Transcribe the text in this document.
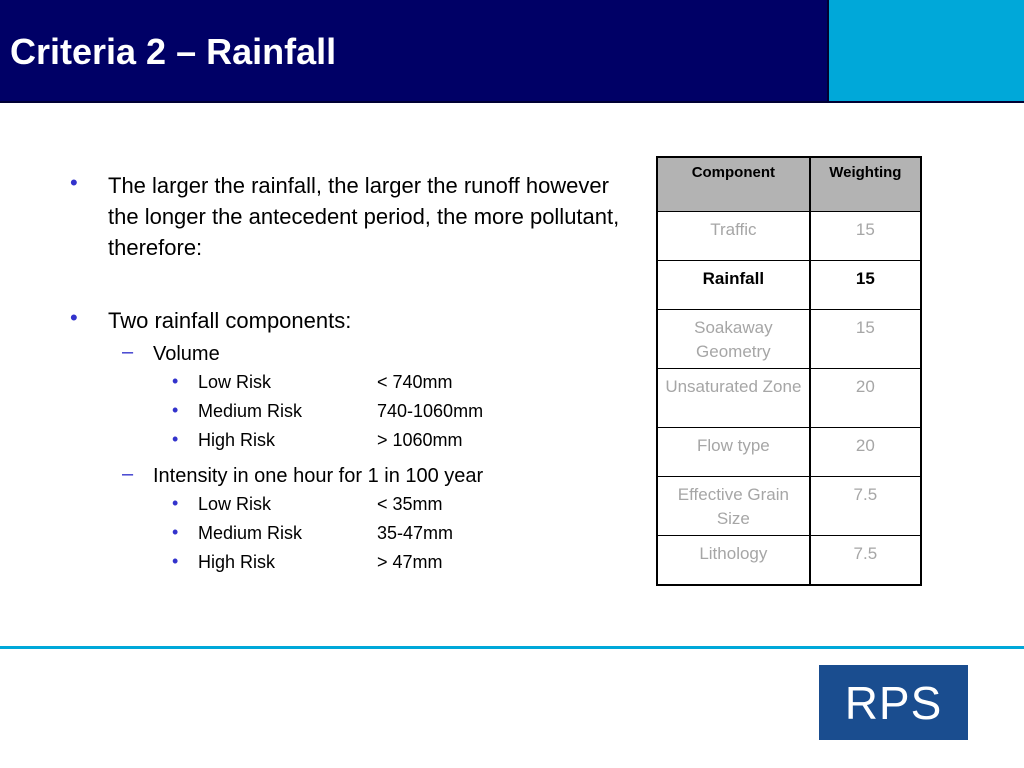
Criteria 2 – Rainfall
• The larger the rainfall, the larger the runoff however the longer the antecedent period, the more pollutant, therefore:
• Two rainfall components:
– Volume
• Low Risk	< 740mm
• Medium Risk	740-1060mm
• High Risk	> 1060mm
– Intensity in one hour for 1 in 100 year
• Low Risk	< 35mm
• Medium Risk	35-47mm
• High Risk	> 47mm
Component	Weighting
Traffic	15
Rainfall	15
Soakaway Geometry	15
Unsaturated Zone	20
Flow type	20
Effective Grain Size	7.5
Lithology	7.5
RPS
